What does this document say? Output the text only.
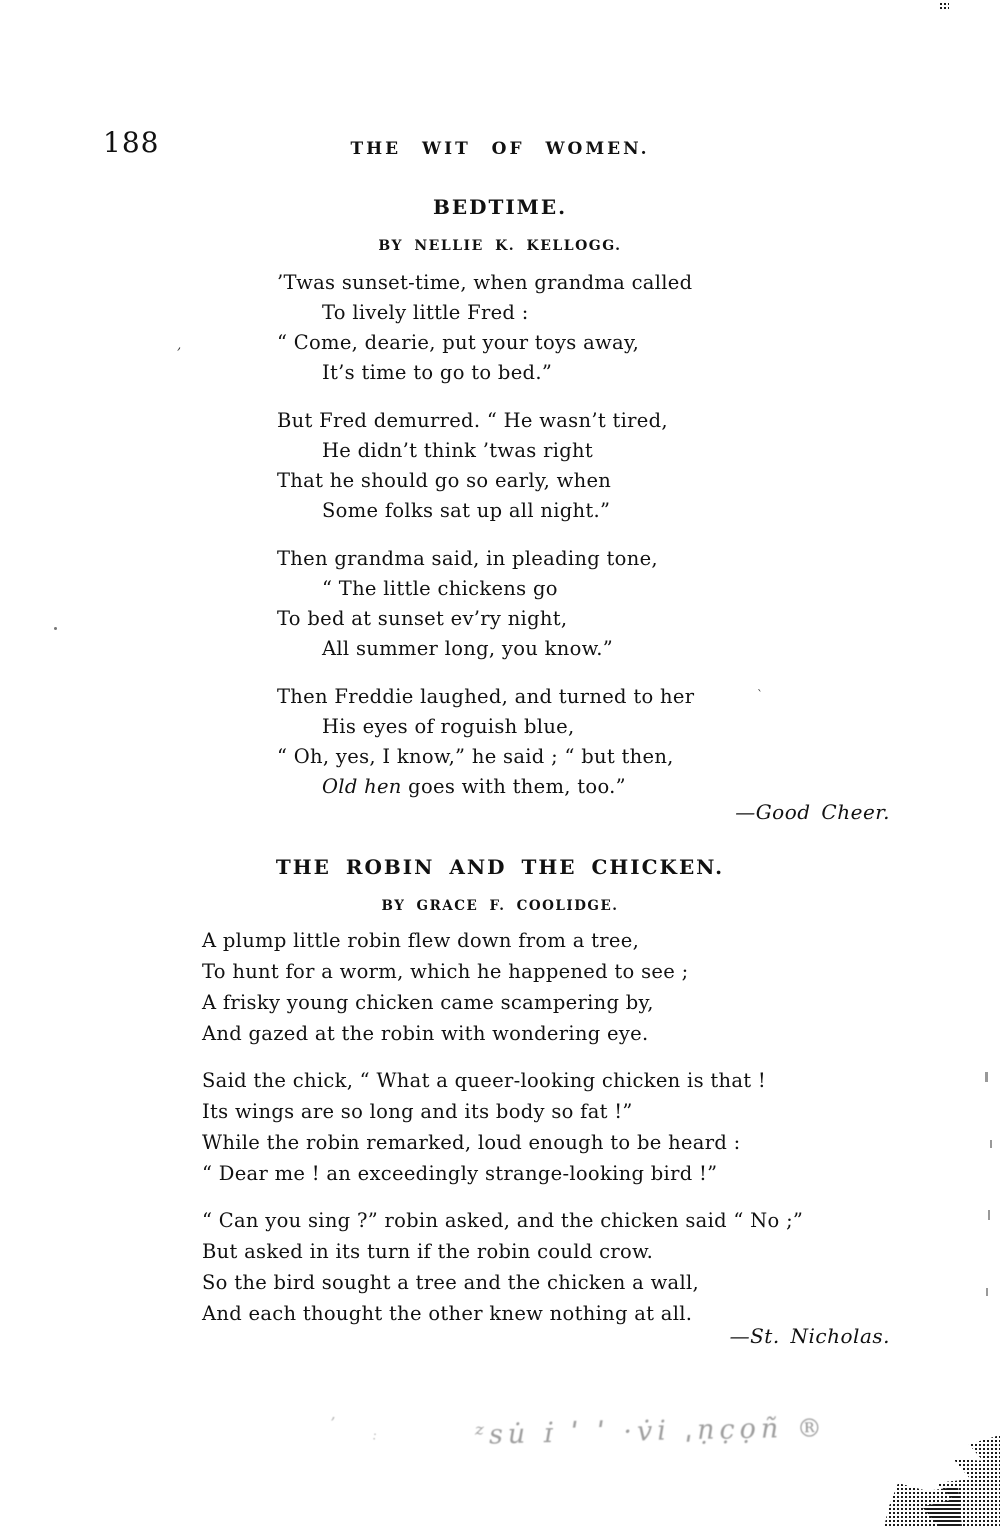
188	THE WIT OF WOMEN.
BEDTIME.
BY NELLIE K. KELLOGG.
’Twas sunset-time, when grandma called
To lively little Fred :
“ Come, dearie, put your toys away,
It’s time to go to bed.”
But Fred demurred. “ He wasn’t tired,
He didn’t think ’twas right
That he should go so early, when
Some folks sat up all night.”
Then grandma said, in pleading tone,
“ The little chickens go
To bed at sunset ev’ry night,
All summer long, you know.”
Then Freddie laughed, and turned to her
His eyes of roguish blue,
“ Oh, yes, I know,” he said ; “ but then,
Old hen goes with them, too.”
—Good Cheer.
THE ROBIN AND THE CHICKEN.
BY GRACE F. COOLIDGE.
A plump little robin flew down from a tree,
To hunt for a worm, which he happened to see ;
A frisky young chicken came scampering by,
And gazed at the robin with wondering eye.
Said the chick, “ What a queer-looking chicken is that !
Its wings are so long and its body so fat !”
While the robin remarked, loud enough to be heard :
“ Dear me ! an exceedingly strange-looking bird !”
“ Can you sing ?” robin asked, and the chicken said “ No ;”
But asked in its turn if the robin could crow.
So the bird sought a tree and the chicken a wall,
And each thought the other knew nothing at all.
—St. Nicholas.
ʼ
˸	ᶻsu̇ ɪ̇ ˈ ˈ ·v̇i ˌṇc̣ọñ ®
‚
ˋ
